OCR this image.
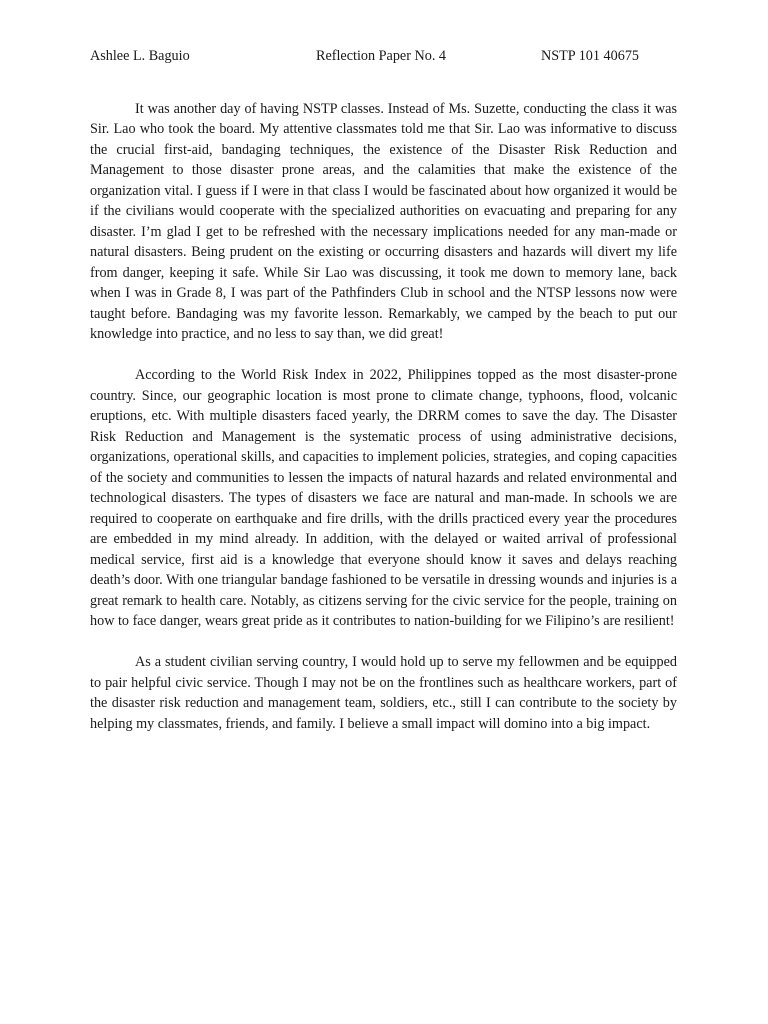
Ashlee L. Baguio	Reflection Paper No. 4	NSTP 101 40675

It was another day of having NSTP classes. Instead of Ms. Suzette, conducting the class it was Sir. Lao who took the board. My attentive classmates told me that Sir. Lao was informative to discuss the crucial first-aid, bandaging techniques, the existence of the Disaster Risk Reduction and Management to those disaster prone areas, and the calamities that make the existence of the organization vital. I guess if I were in that class I would be fascinated about how organized it would be if the civilians would cooperate with the specialized authorities on evacuating and preparing for any disaster. I’m glad I get to be refreshed with the necessary implications needed for any man-made or natural disasters. Being prudent on the existing or occurring disasters and hazards will divert my life from danger, keeping it safe. While Sir Lao was discussing, it took me down to memory lane, back when I was in Grade 8, I was part of the Pathfinders Club in school and the NTSP lessons now were taught before. Bandaging was my favorite lesson. Remarkably, we camped by the beach to put our knowledge into practice, and no less to say than, we did great!

According to the World Risk Index in 2022, Philippines topped as the most disaster-prone country. Since, our geographic location is most prone to climate change, typhoons, flood, volcanic eruptions, etc. With multiple disasters faced yearly, the DRRM comes to save the day. The Disaster Risk Reduction and Management is the systematic process of using administrative decisions, organizations, operational skills, and capacities to implement policies, strategies, and coping capacities of the society and communities to lessen the impacts of natural hazards and related environmental and technological disasters. The types of disasters we face are natural and man-made. In schools we are required to cooperate on earthquake and fire drills, with the drills practiced every year the procedures are embedded in my mind already. In addition, with the delayed or waited arrival of professional medical service, first aid is a knowledge that everyone should know it saves and delays reaching death’s door. With one triangular bandage fashioned to be versatile in dressing wounds and injuries is a great remark to health care. Notably, as citizens serving for the civic service for the people, training on how to face danger, wears great pride as it contributes to nation-building for we Filipino’s are resilient!

As a student civilian serving country, I would hold up to serve my fellowmen and be equipped to pair helpful civic service. Though I may not be on the frontlines such as healthcare workers, part of the disaster risk reduction and management team, soldiers, etc., still I can contribute to the society by helping my classmates, friends, and family. I believe a small impact will domino into a big impact.
